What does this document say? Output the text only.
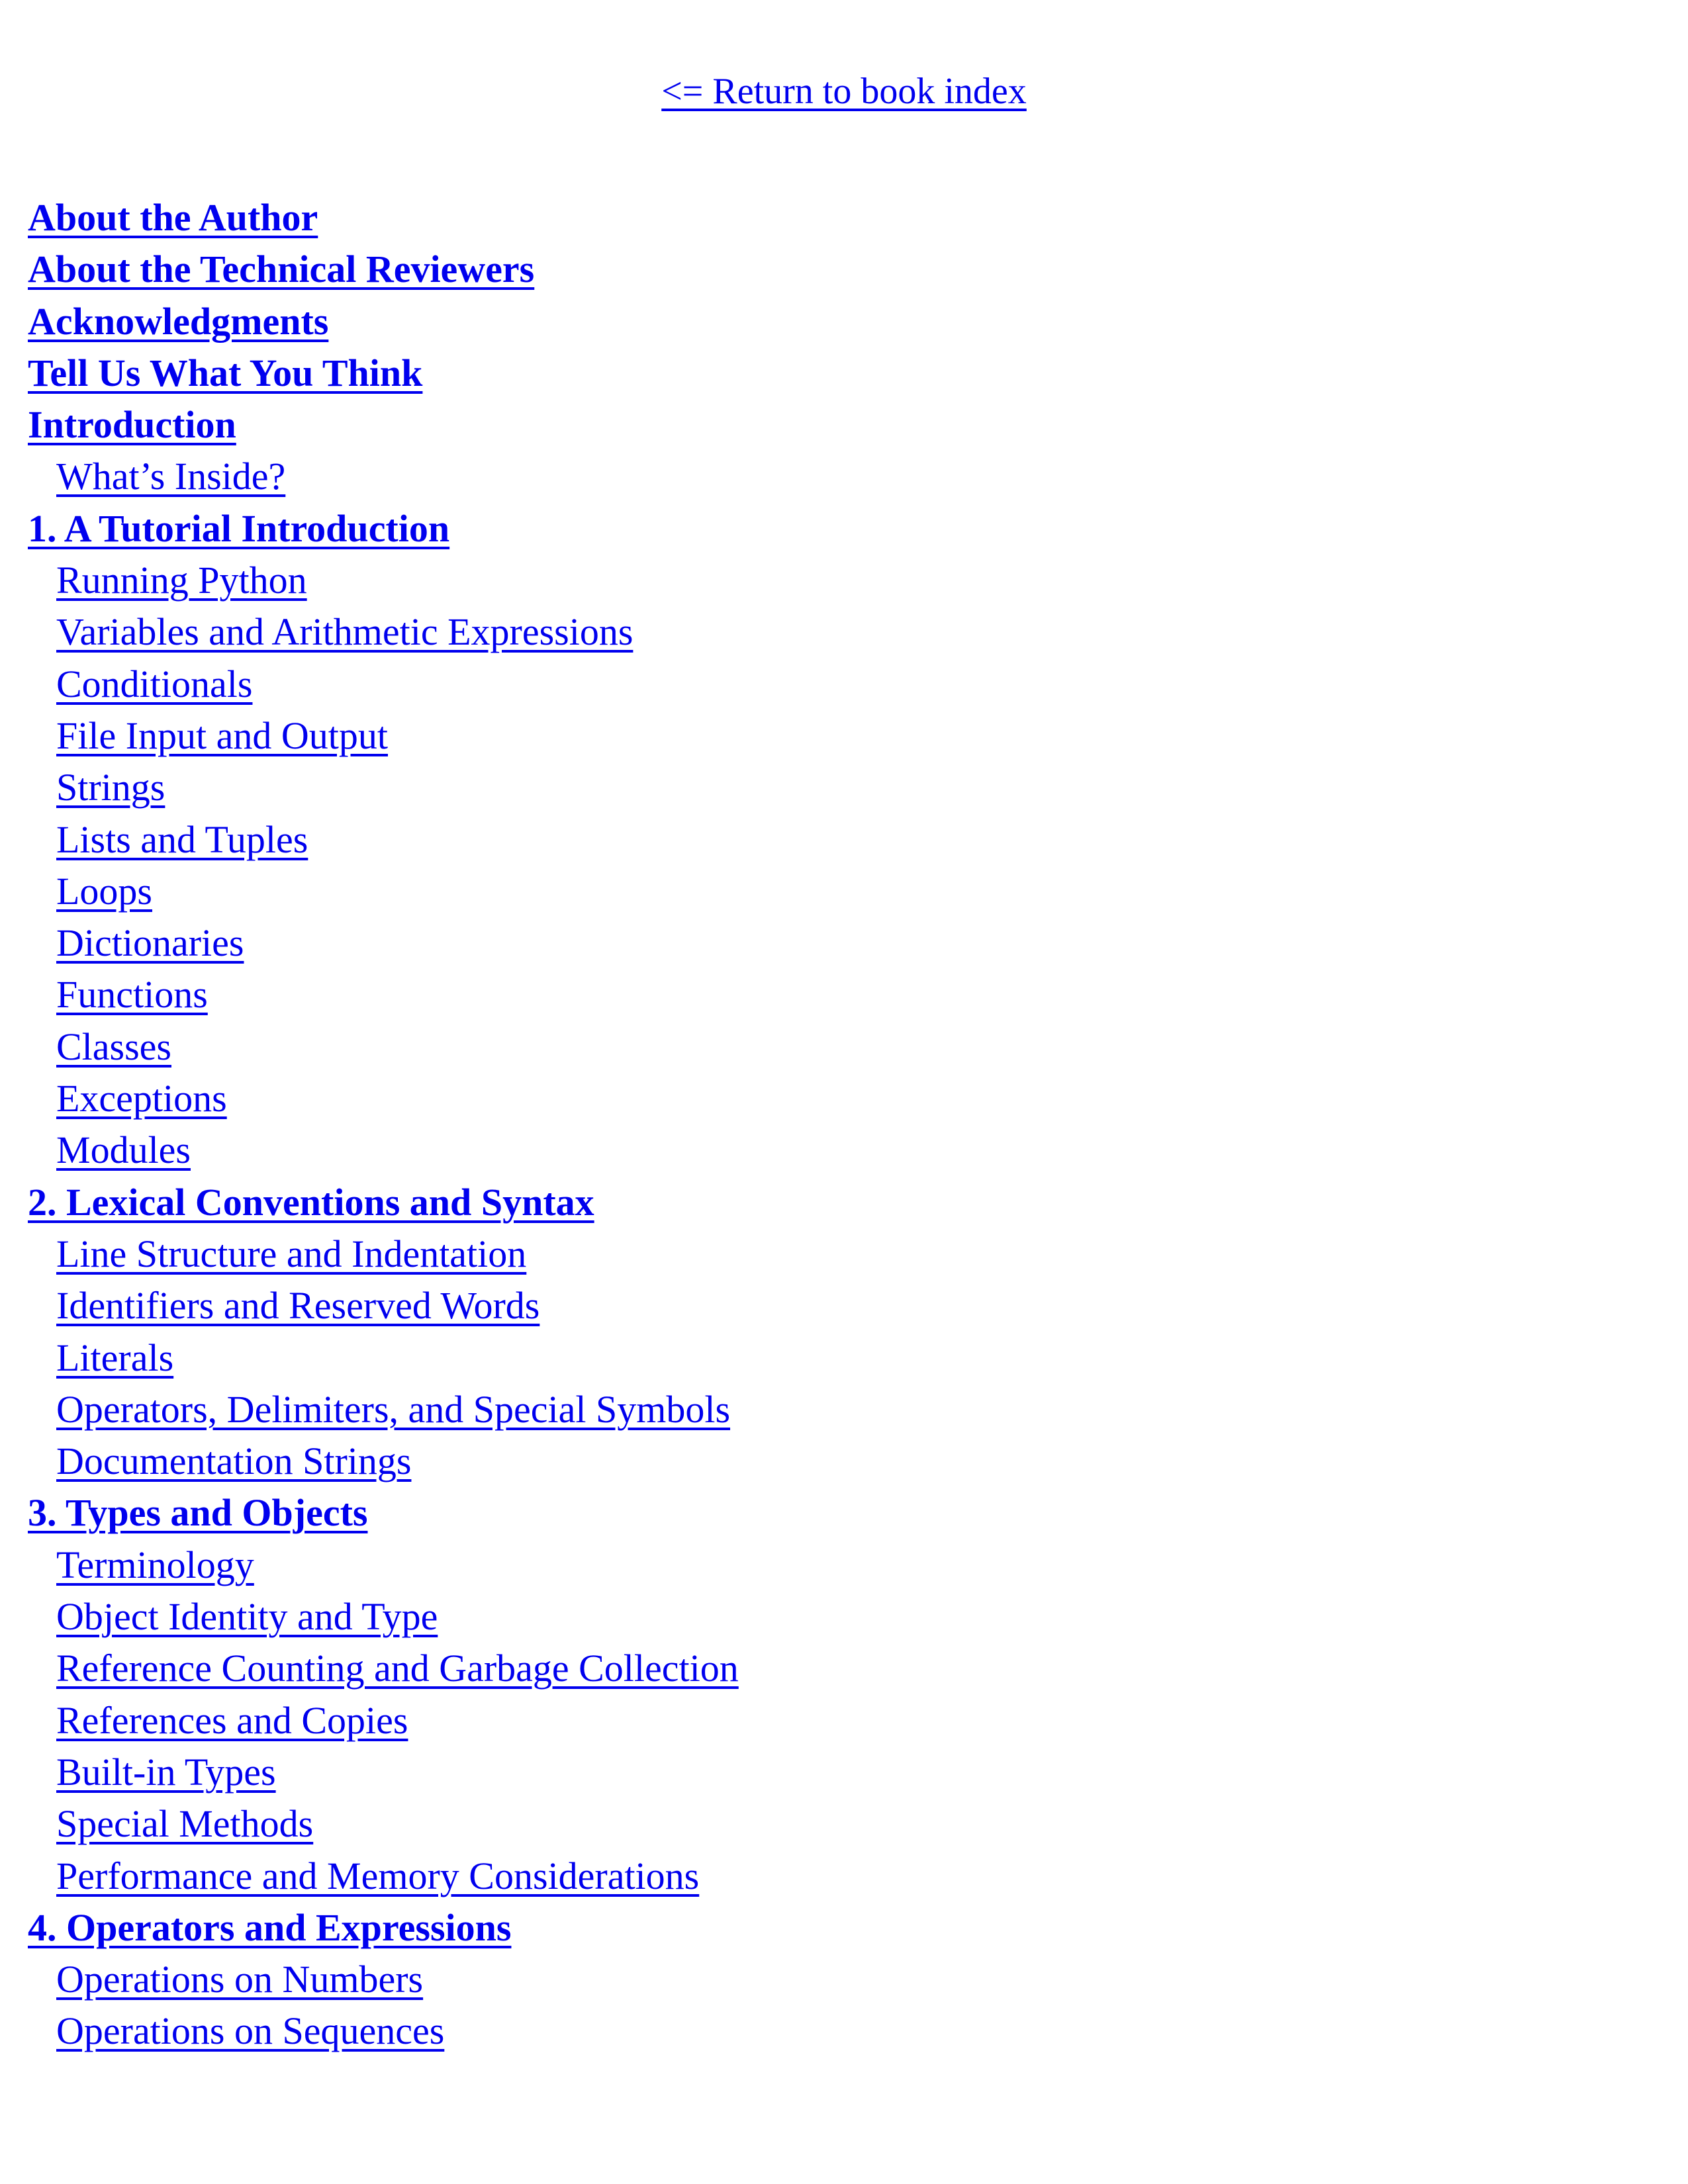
<= Return to book index
About the Author
About the Technical Reviewers
Acknowledgments
Tell Us What You Think
Introduction
What’s Inside?
1. A Tutorial Introduction
Running Python
Variables and Arithmetic Expressions
Conditionals
File Input and Output
Strings
Lists and Tuples
Loops
Dictionaries
Functions
Classes
Exceptions
Modules
2. Lexical Conventions and Syntax
Line Structure and Indentation
Identifiers and Reserved Words
Literals
Operators, Delimiters, and Special Symbols
Documentation Strings
3. Types and Objects
Terminology
Object Identity and Type
Reference Counting and Garbage Collection
References and Copies
Built-in Types
Special Methods
Performance and Memory Considerations
4. Operators and Expressions
Operations on Numbers
Operations on Sequences
